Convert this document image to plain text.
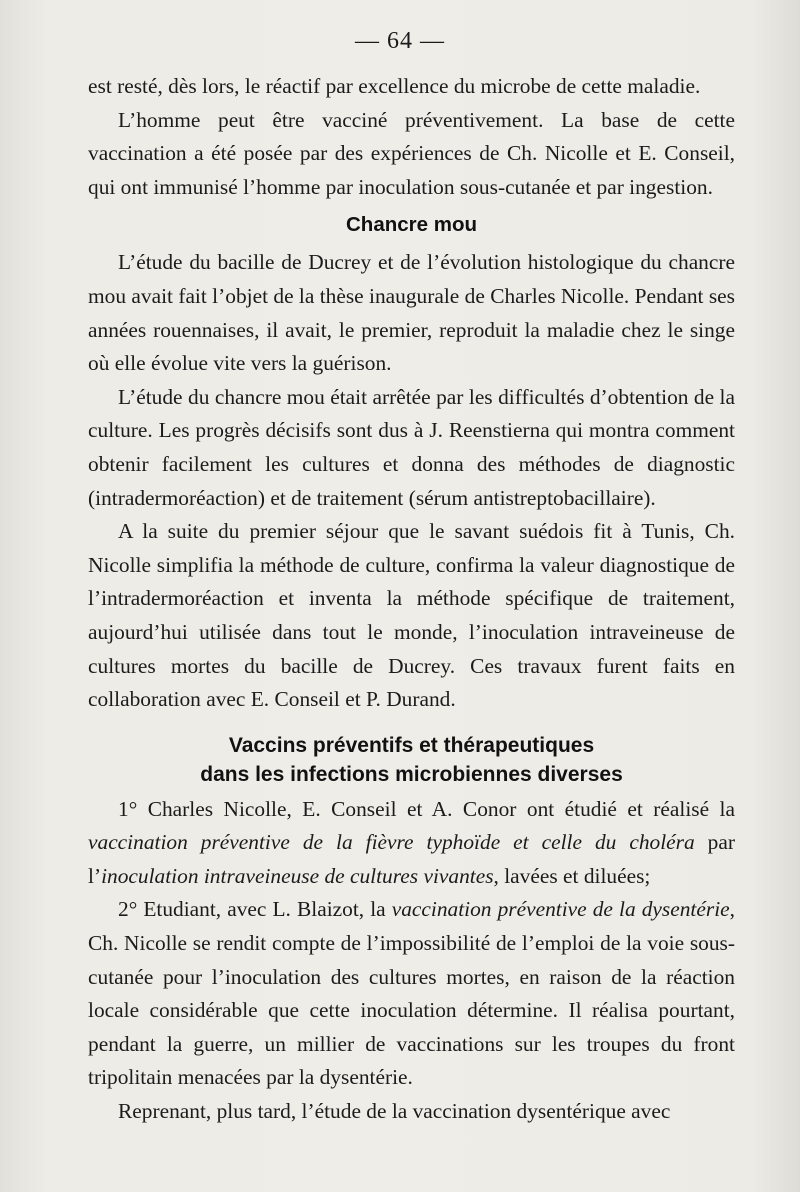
— 64 —

est resté, dès lors, le réactif par excellence du microbe de cette maladie.

L’homme peut être vacciné préventivement. La base de cette vaccination a été posée par des expériences de Ch. Nicolle et E. Conseil, qui ont immunisé l’homme par inoculation sous-cutanée et par ingestion.

Chancre mou

L’étude du bacille de Ducrey et de l’évolution histologique du chancre mou avait fait l’objet de la thèse inaugurale de Charles Nicolle. Pendant ses années rouennaises, il avait, le premier, reproduit la maladie chez le singe où elle évolue vite vers la guérison.

L’étude du chancre mou était arrêtée par les difficultés d’obtention de la culture. Les progrès décisifs sont dus à J. Reenstierna qui montra comment obtenir facilement les cultures et donna des méthodes de diagnostic (intradermoréaction) et de traitement (sérum antistreptobacillaire).

A la suite du premier séjour que le savant suédois fit à Tunis, Ch. Nicolle simplifia la méthode de culture, confirma la valeur diagnostique de l’intradermoréaction et inventa la méthode spécifique de traitement, aujourd’hui utilisée dans tout le monde, l’inoculation intraveineuse de cultures mortes du bacille de Ducrey. Ces travaux furent faits en collaboration avec E. Conseil et P. Durand.

Vaccins préventifs et thérapeutiques
dans les infections microbiennes diverses

1° Charles Nicolle, E. Conseil et A. Conor ont étudié et réalisé la vaccination préventive de la fièvre typhoïde et celle du choléra par l’inoculation intraveineuse de cultures vivantes, lavées et diluées;

2° Etudiant, avec L. Blaizot, la vaccination préventive de la dysentérie, Ch. Nicolle se rendit compte de l’impossibilité de l’emploi de la voie sous-cutanée pour l’inoculation des cultures mortes, en raison de la réaction locale considérable que cette inoculation détermine. Il réalisa pourtant, pendant la guerre, un millier de vaccinations sur les troupes du front tripolitain menacées par la dysentérie.

Reprenant, plus tard, l’étude de la vaccination dysentérique avec
